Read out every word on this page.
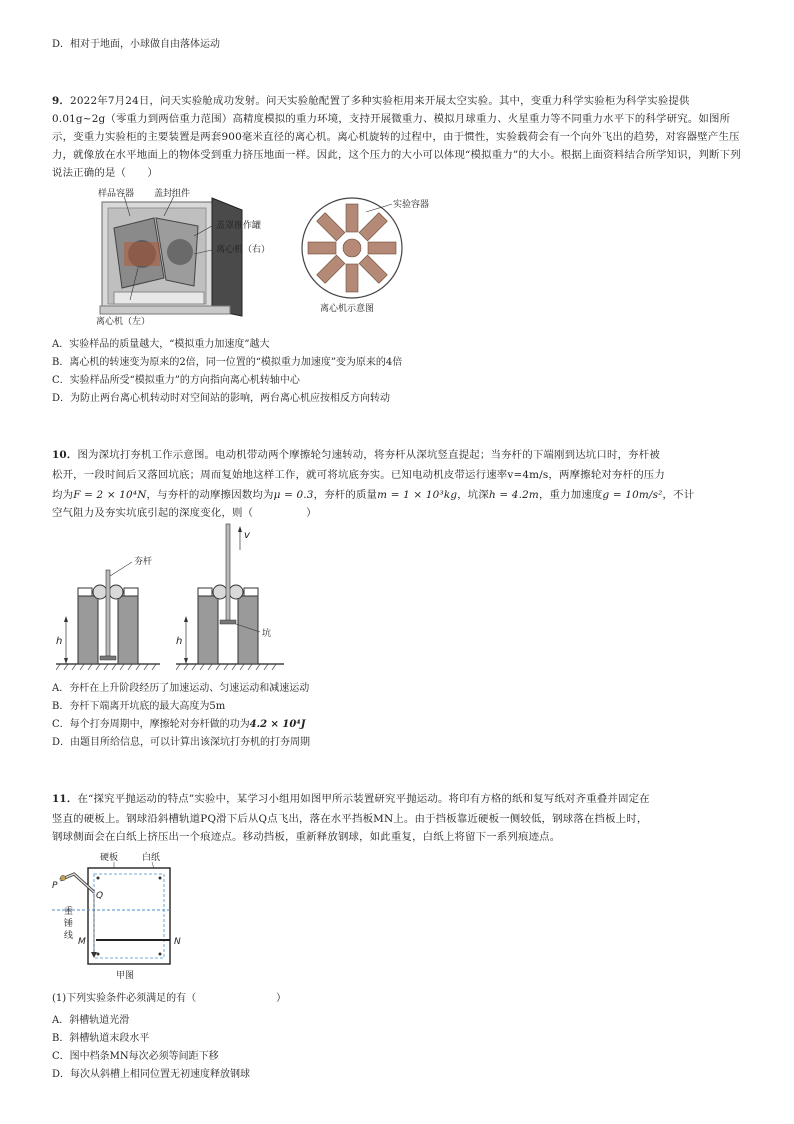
D．相对于地面，小球做自由落体运动
9．2022年7月24日，问天实验舱成功发射。问天实验舱配置了多种实验柜用来开展太空实验。其中，变重力科学实验柜为科学实验提供0.01g~2g（零重力到两倍重力范围）高精度模拟的重力环境，支持开展微重力、模拟月球重力、火星重力等不同重力水平下的科学研究。如图所示，变重力实验柜的主要装置是两套900毫米直径的离心机。离心机旋转的过程中，由于惯性，实验载荷会有一个向外飞出的趋势，对容器壁产生压力，就像放在水平地面上的物体受到重力挤压地面一样。因此，这个压力的大小可以体现“模拟重力”的大小。根据上面资料结合所学知识，判断下列说法正确的是（　　）
样品容器 盖封组件
盖罩推作罐
离心机（右）
离心机（左）
实验容器
离心机示意图
A．实验样品的质量越大，“模拟重力加速度”越大
B．离心机的转速变为原来的2倍，同一位置的“模拟重力加速度”变为原来的4倍
C．实验样品所受“模拟重力”的方向指向离心机转轴中心
D．为防止两台离心机转动时对空间站的影响，两台离心机应按相反方向转动
10．图为深坑打夯机工作示意图。电动机带动两个摩擦轮匀速转动，将夯杆从深坑竖直提起；当夯杆的下端刚到达坑口时，夯杆被
松开，一段时间后又落回坑底；周而复始地这样工作，就可将坑底夯实。已知电动机皮带运行速率v=4m/s，两摩擦轮对夯杆的压力
均为F = 2 × 10⁴N，与夯杆的动摩擦因数均为μ = 0.3，夯杆的质量m = 1 × 10³kg，坑深h = 4.2m，重力加速度g = 10m/s²，不计
空气阻力及夯实坑底引起的深度变化，则（　　　　　）
夯杆
h
v
坑
h
A．夯杆在上升阶段经历了加速运动、匀速运动和减速运动
B．夯杆下端离开坑底的最大高度为5m
C．每个打夯周期中，摩擦轮对夯杆做的功为4.2 × 10⁴J
D．由题目所给信息，可以计算出该深坑打夯机的打夯周期
11．在“探究平抛运动的特点”实验中，某学习小组用如图甲所示装置研究平抛运动。将印有方格的纸和复写纸对齐重叠并固定在
竖直的硬板上。钢球沿斜槽轨道PQ滑下后从Q点飞出，落在水平挡板MN上。由于挡板靠近硬板一侧较低，钢球落在挡板上时，
钢球侧面会在白纸上挤压出一个痕迹点。移动挡板，重新释放钢球，如此重复，白纸上将留下一系列痕迹点。
硬板	白纸
P
Q
重
锤
线
M	N
甲图
(1)下列实验条件必须满足的有（　　　　　　　　）
A．斜槽轨道光滑
B．斜槽轨道末段水平
C．图中档条MN每次必须等间距下移
D．每次从斜槽上相同位置无初速度释放钢球
